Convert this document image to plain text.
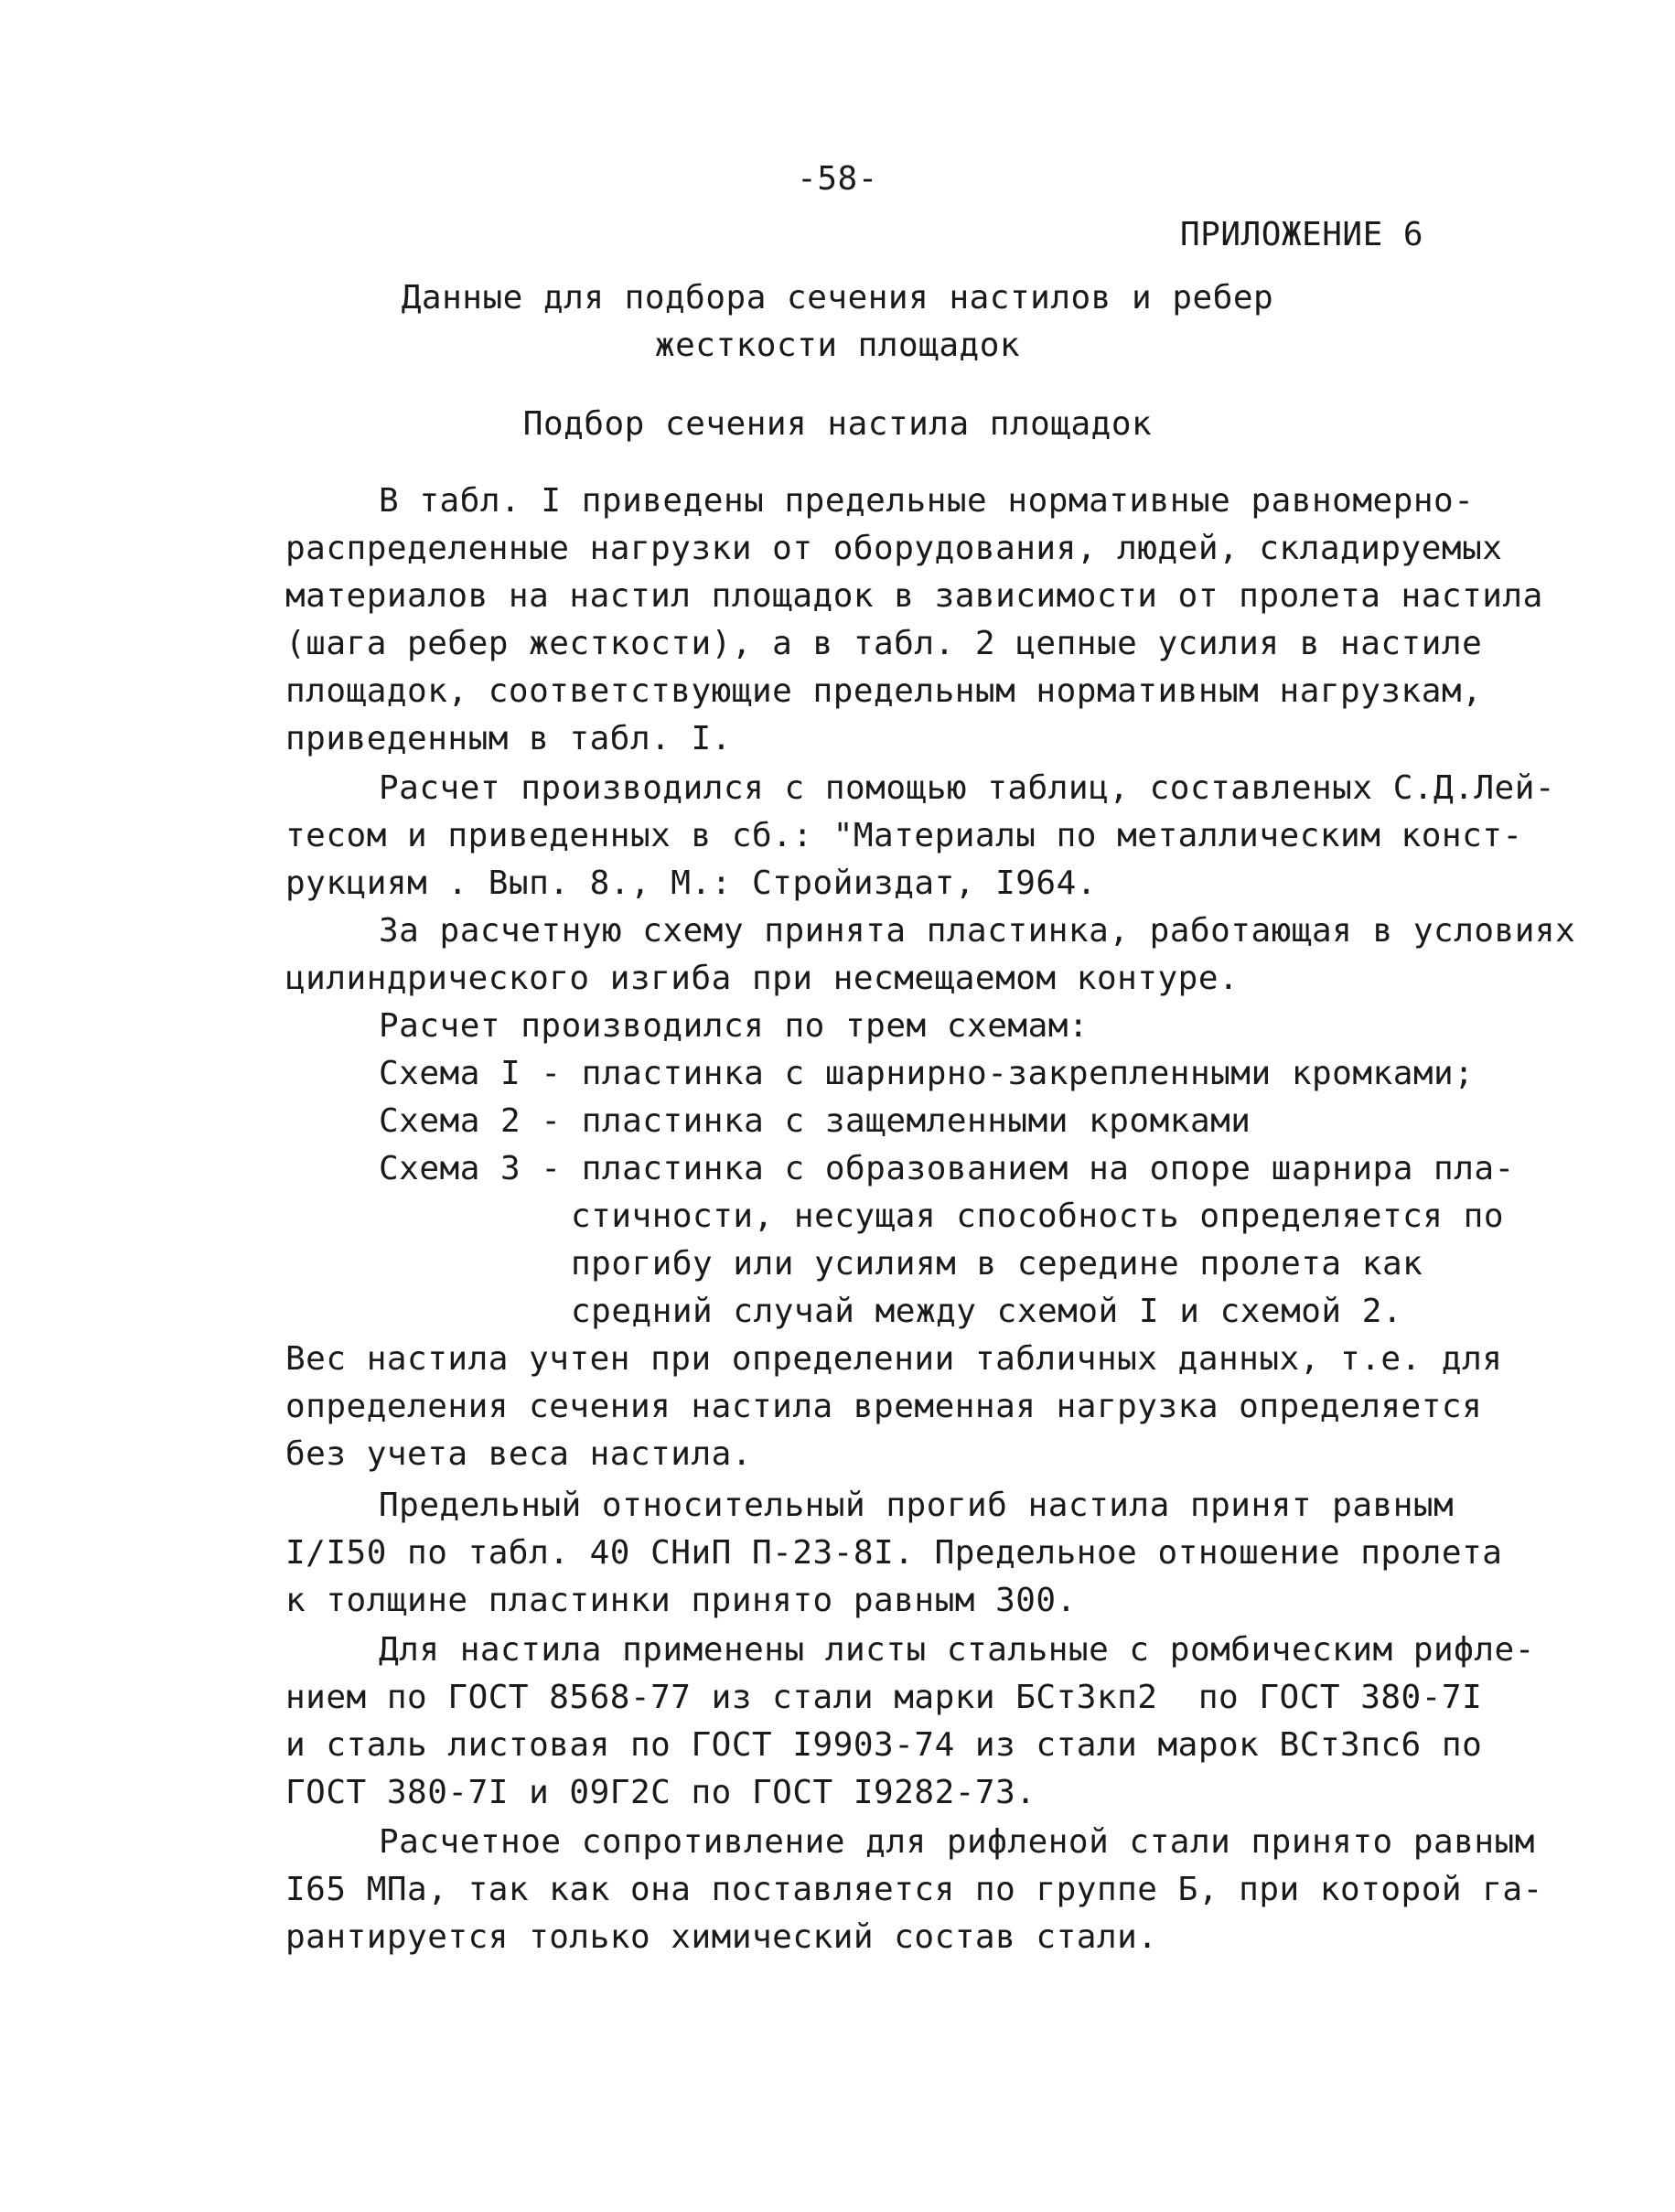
-58-
ПРИЛОЖЕНИЕ 6
Данные для подбора сечения настилов и ребер
жесткости площадок
Подбор сечения настила площадок
В табл. I приведены предельные нормативные равномерно-
распределенные нагрузки от оборудования, людей, складируемых
материалов на настил площадок в зависимости от пролета настила
(шага ребер жесткости), а в табл. 2 цепные усилия в настиле
площадок, соответствующие предельным нормативным нагрузкам,
приведенным в табл. I.
Расчет производился с помощью таблиц, составленых С.Д.Лей-
тесом и приведенных в сб.: "Материалы по металлическим конст-
рукциям . Вып. 8., М.: Стройиздат, I964.
За расчетную схему принята пластинка, работающая в условиях
цилиндрического изгиба при несмещаемом контуре.
Расчет производился по трем схемам:
Схема I - пластинка с шарнирно-закрепленными кромками;
Схема 2 - пластинка с защемленными кромками
Схема 3 - пластинка с образованием на опоре шарнира пла-
стичности, несущая способность определяется по
прогибу или усилиям в середине пролета как
средний случай между схемой I и схемой 2.
Вес настила учтен при определении табличных данных, т.е. для
определения сечения настила временная нагрузка определяется
без учета веса настила.
Предельный относительный прогиб настила принят равным
I/I50 по табл. 40 СНиП П-23-8I. Предельное отношение пролета
к толщине пластинки принято равным 300.
Для настила применены листы стальные с ромбическим рифле-
нием по ГОСТ 8568-77 из стали марки БСт3кп2  по ГОСТ 380-7I
и сталь листовая по ГОСТ I9903-74 из стали марок ВСт3пс6 по
ГОСТ 380-7I и 09Г2С по ГОСТ I9282-73.
Расчетное сопротивление для рифленой стали принято равным
I65 МПа, так как она поставляется по группе Б, при которой га-
рантируется только химический состав стали.
